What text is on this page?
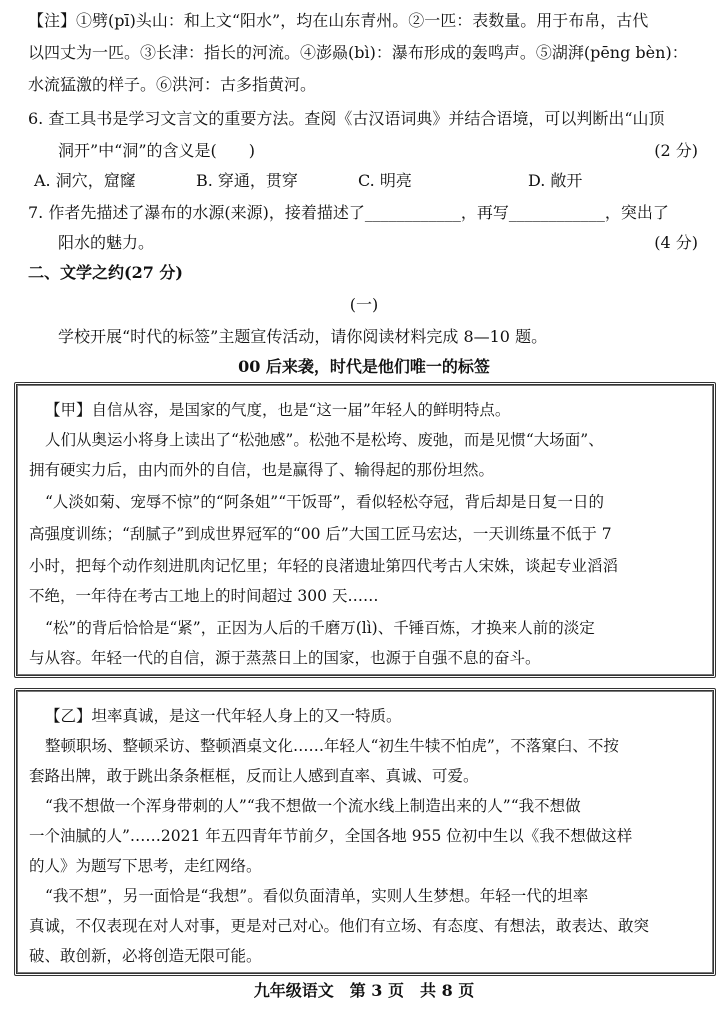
【注】①劈(pī)头山：和上文“阳水”，均在山东青州。②一匹：表数量。用于布帛，古代
以四丈为一匹。③长津：指长的河流。④澎赑(bì)：瀑布形成的轰鸣声。⑤湖湃(pēng bèn)：
水流猛激的样子。⑥洪河：古多指黄河。
6. 查工具书是学习文言文的重要方法。查阅《古汉语词典》并结合语境，可以判断出“山顶
洞开”中“洞”的含义是(　　)	(2 分)
A. 洞穴，窟窿	B. 穿通，贯穿	C. 明亮	D. 敞开
7. 作者先描述了瀑布的水源(来源)，接着描述了____________，再写____________，突出了
阳水的魅力。	(4 分)
二、文学之约(27 分)
(一)
学校开展“时代的标签”主题宣传活动，请你阅读材料完成 8—10 题。
00 后来袭，时代是他们唯一的标签
【甲】自信从容，是国家的气度，也是“这一届”年轻人的鲜明特点。
人们从奥运小将身上读出了“松弛感”。松弛不是松垮、废弛，而是见惯“大场面”、
拥有硬实力后，由内而外的自信，也是赢得了、输得起的那份坦然。
“人淡如菊、宠辱不惊”的“阿条姐”“干饭哥”，看似轻松夺冠，背后却是日复一日的
高强度训练；“刮腻子”到成世界冠军的“00 后”大国工匠马宏达，一天训练量不低于 7
小时，把每个动作刻进肌肉记忆里；年轻的良渚遗址第四代考古人宋姝，谈起专业滔滔
不绝，一年待在考古工地上的时间超过 300 天……
“松”的背后恰恰是“紧”，正因为人后的千磨万(lì)、千锤百炼，才换来人前的淡定
与从容。年轻一代的自信，源于蒸蒸日上的国家，也源于自强不息的奋斗。
【乙】坦率真诚，是这一代年轻人身上的又一特质。
整顿职场、整顿采访、整顿酒桌文化……年轻人“初生牛犊不怕虎”，不落窠臼、不按
套路出牌，敢于跳出条条框框，反而让人感到直率、真诚、可爱。
“我不想做一个浑身带刺的人”“我不想做一个流水线上制造出来的人”“我不想做
一个油腻的人”……2021 年五四青年节前夕，全国各地 955 位初中生以《我不想做这样
的人》为题写下思考，走红网络。
“我不想”，另一面恰是“我想”。看似负面清单，实则人生梦想。年轻一代的坦率
真诚，不仅表现在对人对事，更是对己对心。他们有立场、有态度、有想法，敢表达、敢突
破、敢创新，必将创造无限可能。
九年级语文　第 3 页　共 8 页
